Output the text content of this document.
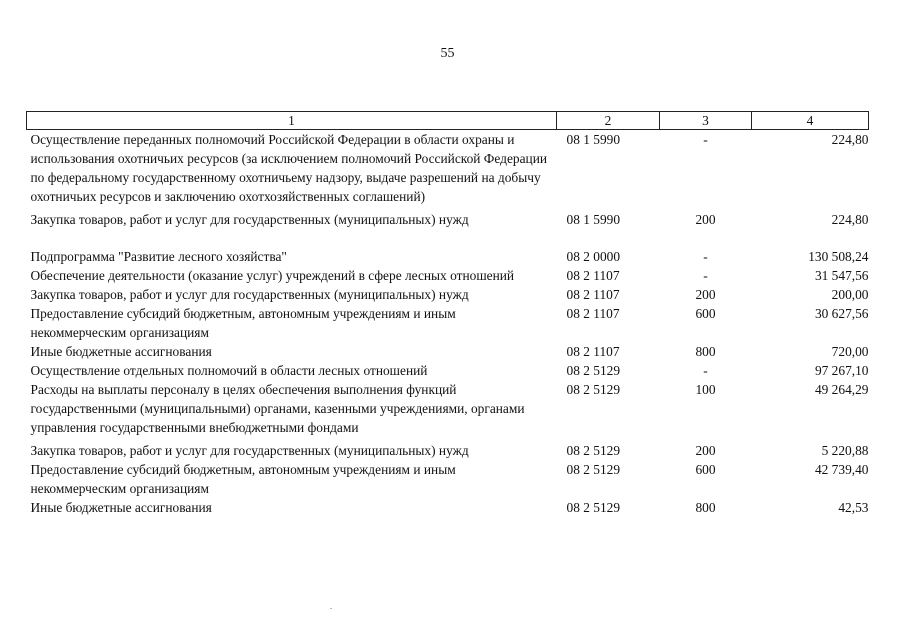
55
1	2	3	4
Осуществление переданных полномочий Российской Федерации в области охраны и использования охотничьих ресурсов (за исключением полномочий Российской Федерации по федеральному государственному охотничьему надзору, выдаче разрешений на добычу охотничьих ресурсов и заключению охотхозяйственных соглашений)	08 1 5990	-	224,80
Закупка товаров, работ и услуг для государственных (муниципальных) нужд	08 1 5990	200	224,80
Подпрограмма "Развитие лесного хозяйства"	08 2 0000	-	130 508,24
Обеспечение деятельности (оказание услуг) учреждений в сфере лесных отношений	08 2 1107	-	31 547,56
Закупка товаров, работ и услуг для государственных (муниципальных) нужд	08 2 1107	200	200,00
Предоставление субсидий бюджетным, автономным учреждениям и иным некоммерческим организациям	08 2 1107	600	30 627,56
Иные бюджетные ассигнования	08 2 1107	800	720,00
Осуществление отдельных полномочий в области лесных отношений	08 2 5129	-	97 267,10
Расходы на выплаты персоналу в целях обеспечения выполнения функций государственными (муниципальными) органами, казенными учреждениями, органами управления государственными внебюджетными фондами	08 2 5129	100	49 264,29
Закупка товаров, работ и услуг для государственных (муниципальных) нужд	08 2 5129	200	5 220,88
Предоставление субсидий бюджетным, автономным учреждениям и иным некоммерческим организациям	08 2 5129	600	42 739,40
Иные бюджетные ассигнования	08 2 5129	800	42,53
